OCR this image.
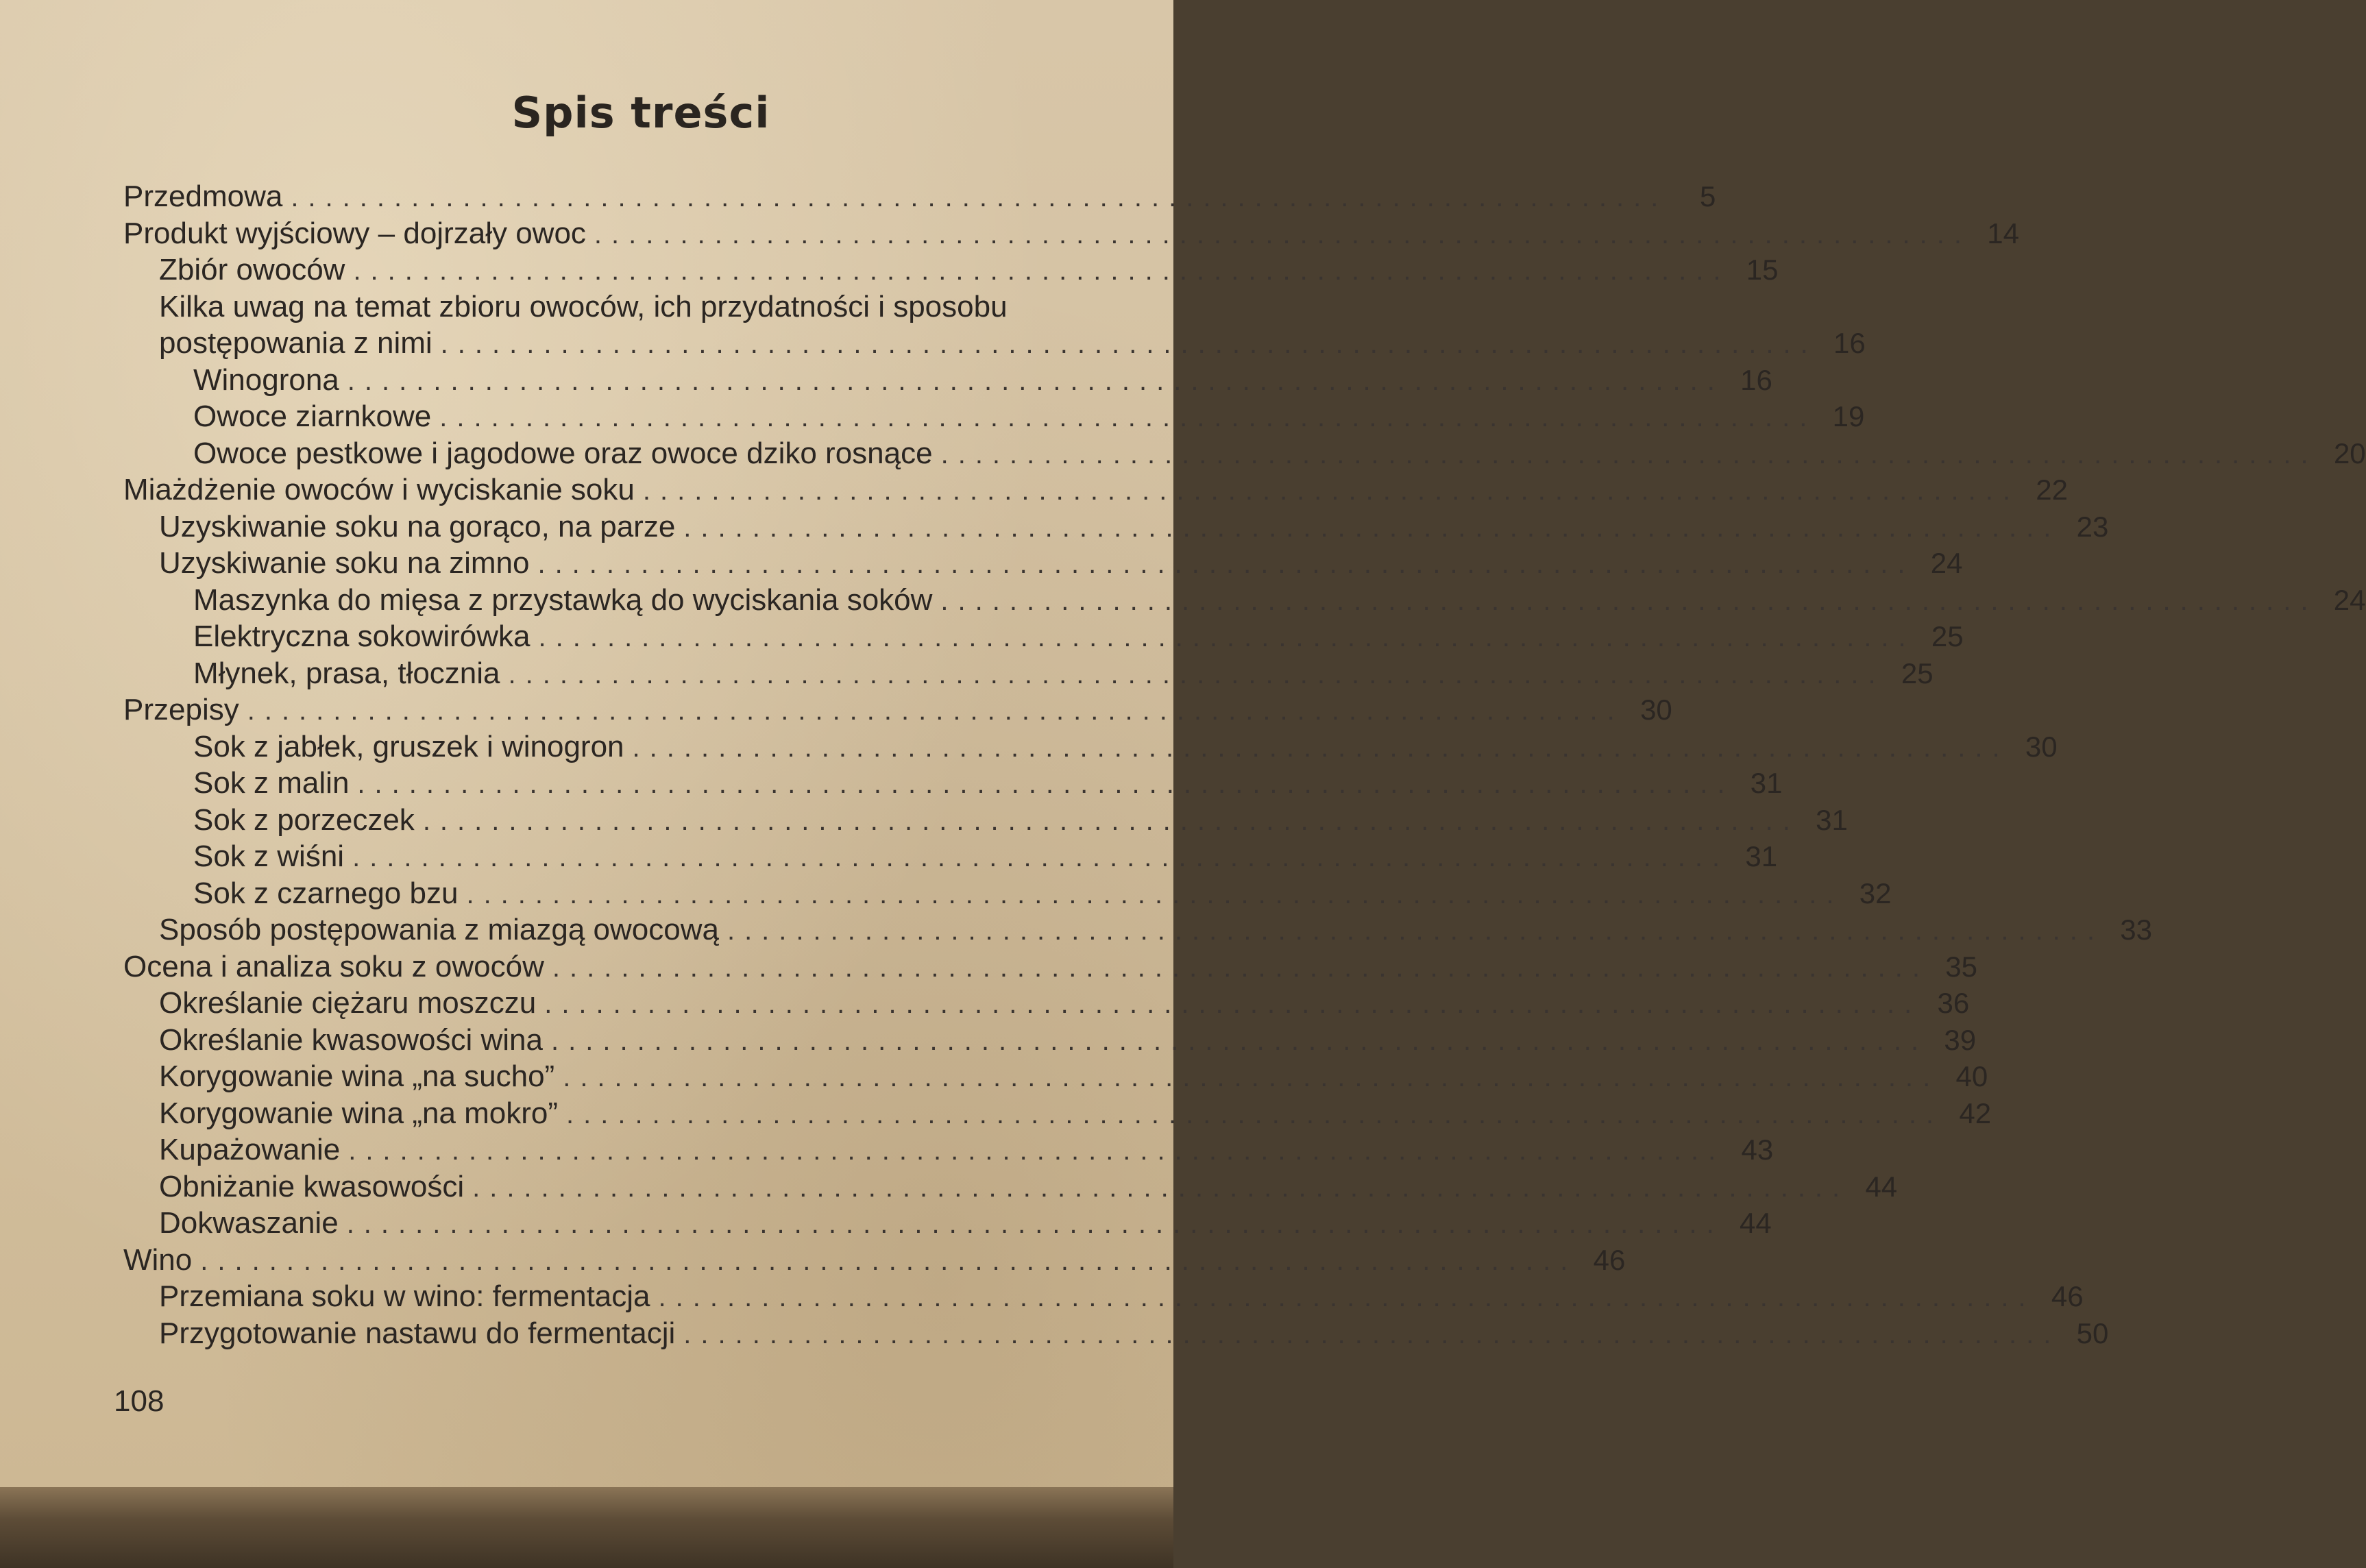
Spis treści
Przedmowa ................................................................................	5
Produkt wyjściowy – dojrzały owoc ................................................................................ 14
Zbiór owoców ................................................................................ 15
Kilka uwag na temat zbioru owoców, ich przydatności i sposobu
postępowania z nimi ................................................................................ 16
Winogrona ................................................................................ 16
Owoce ziarnkowe ................................................................................ 19
Owoce pestkowe i jagodowe oraz owoce dziko rosnące ................................................................................ 20
Miażdżenie owoców i wyciskanie soku ................................................................................ 22
Uzyskiwanie soku na gorąco, na parze ................................................................................ 23
Uzyskiwanie soku na zimno ................................................................................ 24
Maszynka do mięsa z przystawką do wyciskania soków ................................................................................ 24
Elektryczna sokowirówka ................................................................................ 25
Młynek, prasa, tłocznia ................................................................................ 25
Przepisy ................................................................................ 30
Sok z jabłek, gruszek i winogron ................................................................................ 30
Sok z malin ................................................................................ 31
Sok z porzeczek ................................................................................ 31
Sok z wiśni ................................................................................ 31
Sok z czarnego bzu ................................................................................ 32
Sposób postępowania z miazgą owocową ................................................................................ 33
Ocena i analiza soku z owoców ................................................................................ 35
Określanie ciężaru moszczu ................................................................................ 36
Określanie kwasowości wina ................................................................................ 39
Korygowanie wina „na sucho” ................................................................................ 40
Korygowanie wina „na mokro” ................................................................................ 42
Kupażowanie ................................................................................ 43
Obniżanie kwasowości ................................................................................ 44
Dokwaszanie ................................................................................ 44
Wino ................................................................................ 46
Przemiana soku w wino: fermentacja ................................................................................ 46
Przygotowanie nastawu do fermentacji ................................................................................ 50
108
